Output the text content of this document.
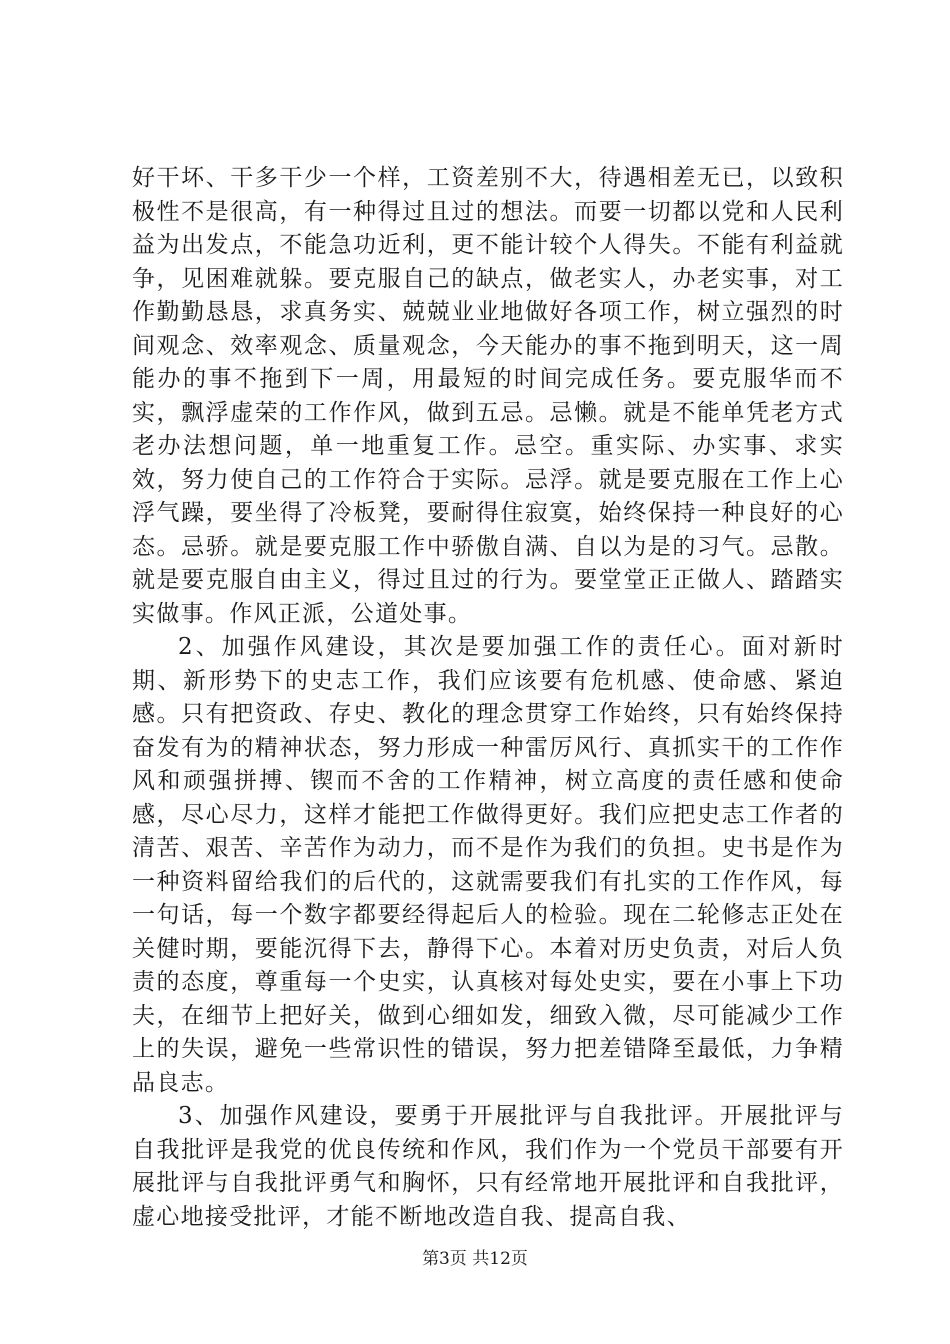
好干坏、干多干少一个样，工资差别不大，待遇相差无已，以致积极性不是很高，有一种得过且过的想法。而要一切都以党和人民利益为出发点，不能急功近利，更不能计较个人得失。不能有利益就争，见困难就躲。要克服自己的缺点，做老实人，办老实事，对工作勤勤恳恳，求真务实、兢兢业业地做好各项工作，树立强烈的时间观念、效率观念、质量观念，今天能办的事不拖到明天，这一周能办的事不拖到下一周，用最短的时间完成任务。要克服华而不实，飘浮虚荣的工作作风，做到五忌。忌懒。就是不能单凭老方式老办法想问题，单一地重复工作。忌空。重实际、办实事、求实效，努力使自己的工作符合于实际。忌浮。就是要克服在工作上心浮气躁，要坐得了冷板凳，要耐得住寂寞，始终保持一种良好的心态。忌骄。就是要克服工作中骄傲自满、自以为是的习气。忌散。就是要克服自由主义，得过且过的行为。要堂堂正正做人、踏踏实实做事。作风正派，公道处事。

2、加强作风建设，其次是要加强工作的责任心。面对新时期、新形势下的史志工作，我们应该要有危机感、使命感、紧迫感。只有把资政、存史、教化的理念贯穿工作始终，只有始终保持奋发有为的精神状态，努力形成一种雷厉风行、真抓实干的工作作风和顽强拼搏、锲而不舍的工作精神，树立高度的责任感和使命感，尽心尽力，这样才能把工作做得更好。我们应把史志工作者的清苦、艰苦、辛苦作为动力，而不是作为我们的负担。史书是作为一种资料留给我们的后代的，这就需要我们有扎实的工作作风，每一句话，每一个数字都要经得起后人的检验。现在二轮修志正处在关健时期，要能沉得下去，静得下心。本着对历史负责，对后人负责的态度，尊重每一个史实，认真核对每处史实，要在小事上下功夫，在细节上把好关，做到心细如发，细致入微，尽可能减少工作上的失误，避免一些常识性的错误，努力把差错降至最低，力争精品良志。

3、加强作风建设，要勇于开展批评与自我批评。开展批评与自我批评是我党的优良传统和作风，我们作为一个党员干部要有开展批评与自我批评勇气和胸怀，只有经常地开展批评和自我批评，虚心地接受批评，才能不断地改造自我、提高自我、

第3页 共12页
